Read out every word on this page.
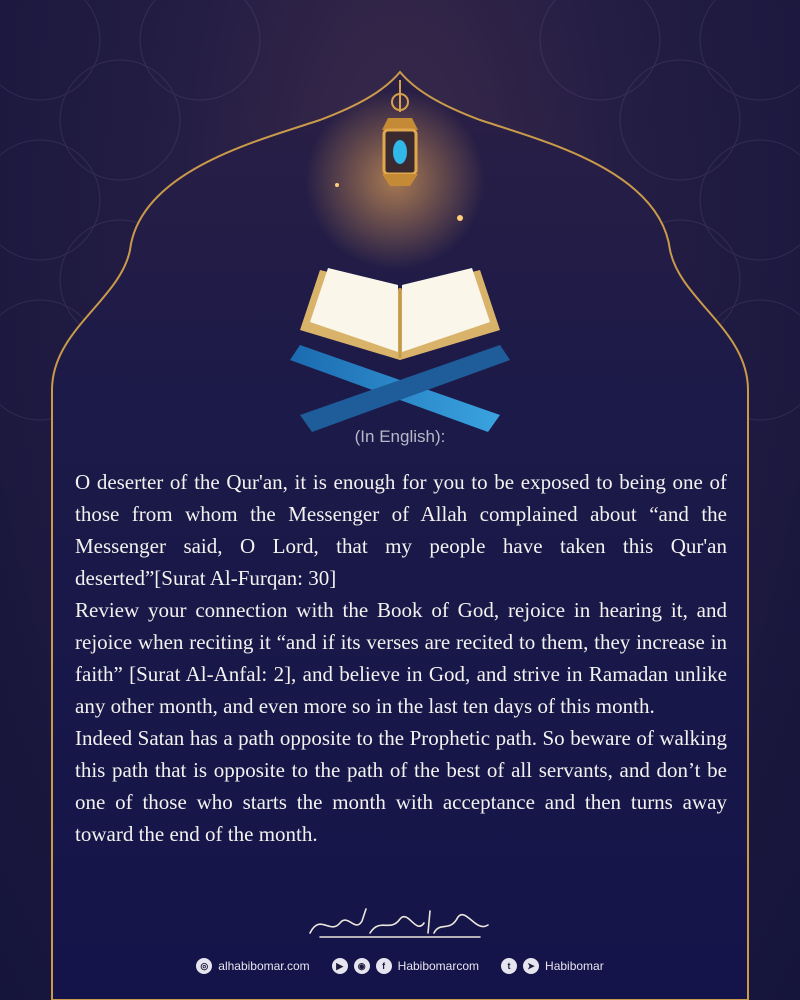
(In English):

O deserter of the Qur'an, it is enough for you to be exposed to being one of those from whom the Messenger of Allah complained about “and the Messenger said, O Lord, that my people have taken this Qur'an deserted”[Surat Al-Furqan: 30]

Review your connection with the Book of God, rejoice in hearing it, and rejoice when reciting it “and if its verses are recited to them, they increase in faith” [Surat Al-Anfal: 2], and believe in God, and strive in Ramadan unlike any other month, and even more so in the last ten days of this month.

Indeed Satan has a path opposite to the Prophetic path. So beware of walking this path that is opposite to the path of the best of all servants, and don’t be one of those who starts the month with acceptance and then turns away toward the end of the month.

◎ alhabibomar.com	▶	◉	f	Habibomarcom	t	➤ Habibomar
